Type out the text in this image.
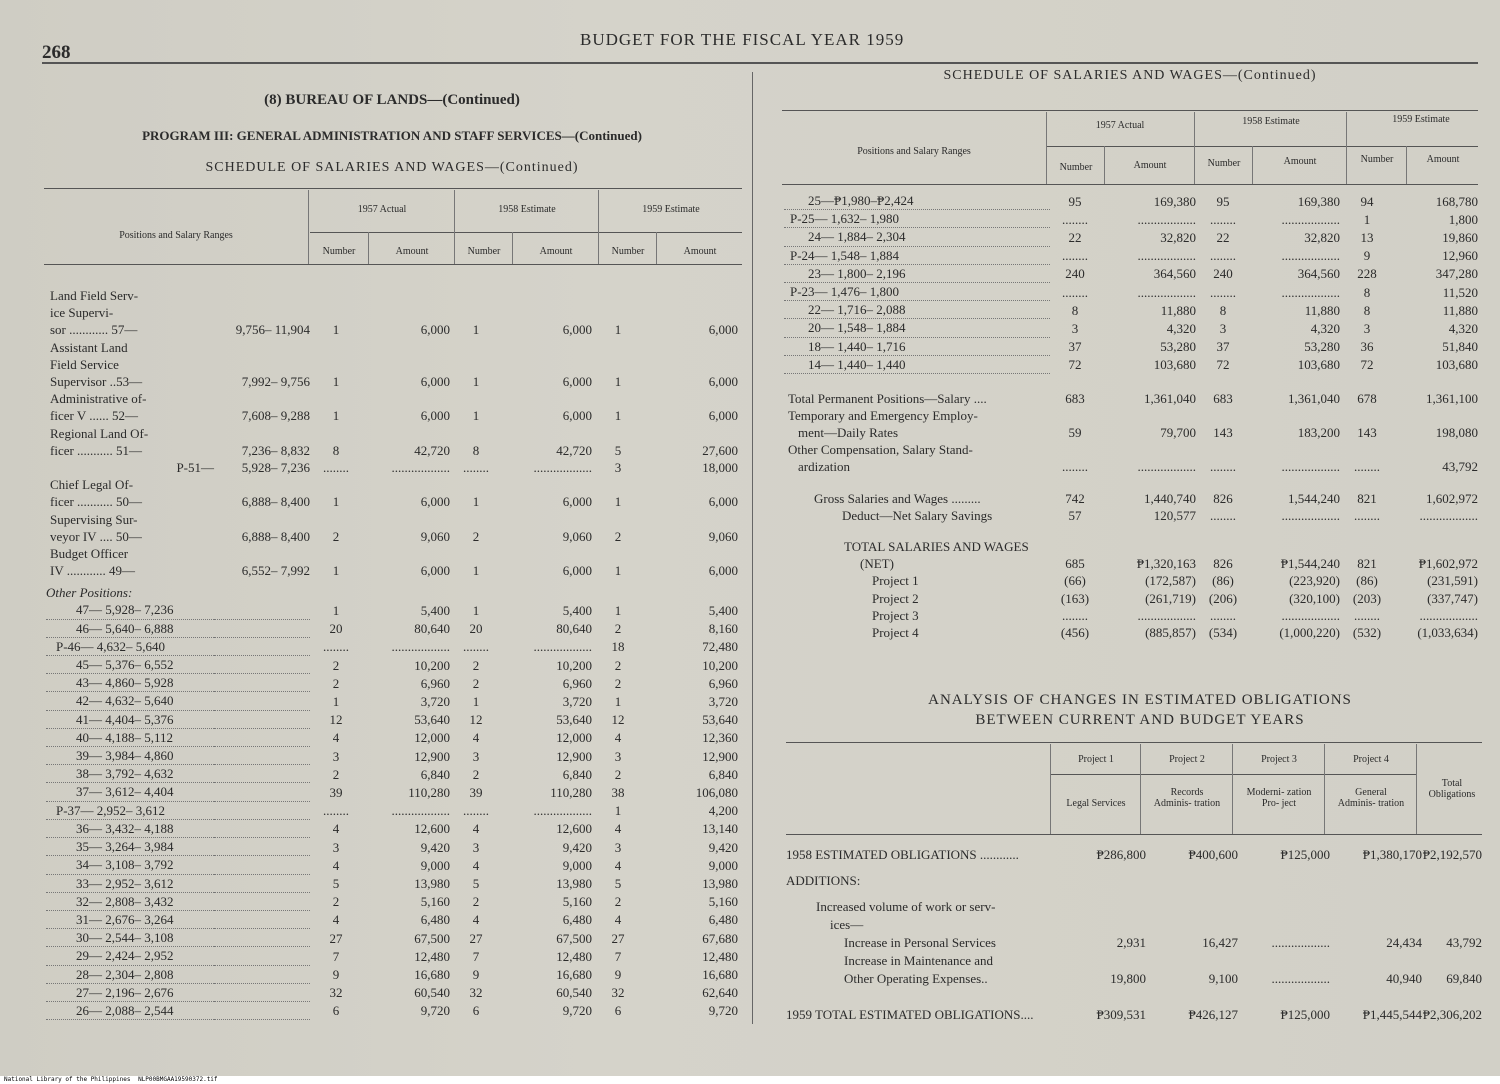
268
BUDGET FOR THE FISCAL YEAR 1959
(8) BUREAU OF LANDS—(Continued)
PROGRAM III: GENERAL ADMINISTRATION AND STAFF SERVICES—(Continued)
SCHEDULE OF SALARIES AND WAGES—(Continued)
Positions and Salary Ranges
1957 Actual	1958 Estimate	1959 Estimate
Number	Amount	Number	Amount	Number	Amount
Land Field Serv-							
ice Supervi-							
sor ............ 57—	9,756– 11,904	1	6,000	1	6,000	1	6,000
Assistant Land							
Field Service							
Supervisor ..53—	7,992– 9,756	1	6,000	1	6,000	1	6,000
Administrative of-							
ficer V ...... 52—	7,608– 9,288	1	6,000	1	6,000	1	6,000
Regional Land Of-							
ficer ........... 51—	7,236– 8,832	8	42,720	8	42,720	5	27,600
P-51—	5,928– 7,236	........	..................	........	..................	3	18,000
Chief Legal Of-							
ficer ........... 50—	6,888– 8,400	1	6,000	1	6,000	1	6,000
Supervising Sur-							
veyor IV .... 50—	6,888– 8,400	2	9,060	2	9,060	2	9,060
Budget Officer							
IV ............ 49—	6,552– 7,992	1	6,000	1	6,000	1	6,000
Other Positions:							
47— 5,928– 7,236		1	5,400	1	5,400	1	5,400
46— 5,640– 6,888		20	80,640	20	80,640	2	8,160
P-46— 4,632– 5,640		........	..................	........	..................	18	72,480
45— 5,376– 6,552		2	10,200	2	10,200	2	10,200
43— 4,860– 5,928		2	6,960	2	6,960	2	6,960
42— 4,632– 5,640		1	3,720	1	3,720	1	3,720
41— 4,404– 5,376		12	53,640	12	53,640	12	53,640
40— 4,188– 5,112		4	12,000	4	12,000	4	12,360
39— 3,984– 4,860		3	12,900	3	12,900	3	12,900
38— 3,792– 4,632		2	6,840	2	6,840	2	6,840
37— 3,612– 4,404		39	110,280	39	110,280	38	106,080
P-37— 2,952– 3,612		........	..................	........	..................	1	4,200
36— 3,432– 4,188		4	12,600	4	12,600	4	13,140
35— 3,264– 3,984		3	9,420	3	9,420	3	9,420
34— 3,108– 3,792		4	9,000	4	9,000	4	9,000
33— 2,952– 3,612		5	13,980	5	13,980	5	13,980
32— 2,808– 3,432		2	5,160	2	5,160	2	5,160
31— 2,676– 3,264		4	6,480	4	6,480	4	6,480
30— 2,544– 3,108		27	67,500	27	67,500	27	67,680
29— 2,424– 2,952		7	12,480	7	12,480	7	12,480
28— 2,304– 2,808		9	16,680	9	16,680	9	16,680
27— 2,196– 2,676		32	60,540	32	60,540	32	62,640
26— 2,088– 2,544		6	9,720	6	9,720	6	9,720
SCHEDULE OF SALARIES AND WAGES—(Continued)
Positions and Salary Ranges
1957 Actual	1958 Estimate	1959 Estimate
Number	Amount	Number	Amount	Number	Amount
25—₱1,980–₱2,424	95	169,380	95	169,380	94	168,780
P-25— 1,632– 1,980	........	..................	........	..................	1	1,800
24— 1,884– 2,304	22	32,820	22	32,820	13	19,860
P-24— 1,548– 1,884	........	..................	........	..................	9	12,960
23— 1,800– 2,196	240	364,560	240	364,560	228	347,280
P-23— 1,476– 1,800	........	..................	........	..................	8	11,520
22— 1,716– 2,088	8	11,880	8	11,880	8	11,880
20— 1,548– 1,884	3	4,320	3	4,320	3	4,320
18— 1,440– 1,716	37	53,280	37	53,280	36	51,840
14— 1,440– 1,440	72	103,680	72	103,680	72	103,680

Total Permanent Positions—Salary ....	683	1,361,040	683	1,361,040	678	1,361,100
Temporary and Emergency Employ-						
ment—Daily Rates	59	79,700	143	183,200	143	198,080
Other Compensation, Salary Stand-						
ardization	........	..................	........	..................	........	43,792

Gross Salaries and Wages .........	742	1,440,740	826	1,544,240	821	1,602,972
Deduct—Net Salary Savings	57	120,577	........	..................	........	..................

TOTAL SALARIES AND WAGES						
(NET)	685	₱1,320,163	826	₱1,544,240	821	₱1,602,972
Project 1	(66)	(172,587)	(86)	(223,920)	(86)	(231,591)
Project 2	(163)	(261,719)	(206)	(320,100)	(203)	(337,747)
Project 3	........	..................	........	..................	........	..................
Project 4	(456)	(885,857)	(534)	(1,000,220)	(532)	(1,033,634)
ANALYSIS OF CHANGES IN ESTIMATED OBLIGATIONS
BETWEEN CURRENT AND BUDGET YEARS
Project 1	Project 2	Project 3	Project 4
Legal Services
Records Adminis- tration
Moderni- zation Pro- ject
General Adminis- tration
Total Obligations
1958 ESTIMATED OBLIGATIONS ............	₱286,800	₱400,600	₱125,000	₱1,380,170	₱2,192,570
ADDITIONS:					
Increased volume of work or serv-					
ices—					
Increase in Personal Services	2,931	16,427	..................	24,434	43,792
Increase in Maintenance and					
Other Operating Expenses..	19,800	9,100	..................	40,940	69,840
1959 TOTAL ESTIMATED OBLIGATIONS....	₱309,531	₱426,127	₱125,000	₱1,445,544	₱2,306,202
National Library of the Philippines NLP00BMGAA19590372.tif
